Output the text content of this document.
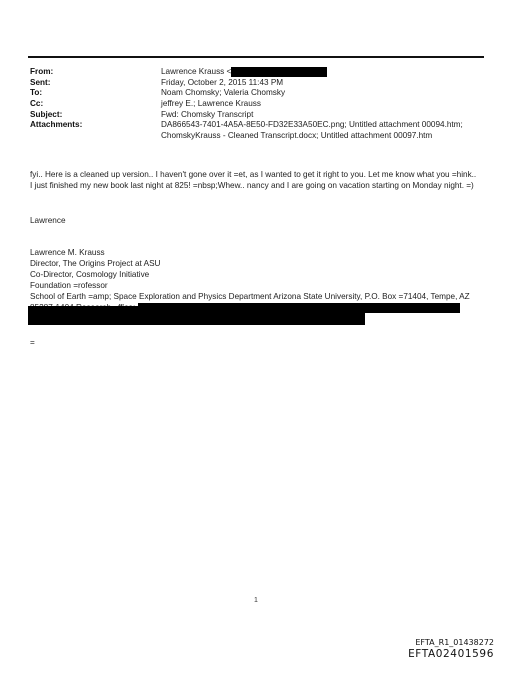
From:	Lawrence Krauss <
Sent:	Friday, October 2, 2015 11:43 PM
To:	Noam Chomsky; Valeria Chomsky
Cc:	jeffrey E.; Lawrence Krauss
Subject:	Fwd: Chomsky Transcript
Attachments:	DA866543-7401-4A5A-8E50-FD32E33A50EC.png; Untitled attachment 00094.htm;
ChomskyKrauss - Cleaned Transcript.docx; Untitled attachment 00097.htm
fyi.. Here is a cleaned up version.. I haven't gone over it =et, as I wanted to get it right to you. Let me know what you =hink.. I just finished my new book last night at 825! =nbsp;Whew.. nancy and I are going on vacation starting on Monday night. =)
Lawrence
Lawrence M. Krauss
Director, The Origins Project at ASU
Co-Director, Cosmology Initiative
Foundation =rofessor
School of Earth =amp; Space Exploration and Physics Department Arizona State University, P.O. Box =71404, Tempe, AZ
=
1
EFTA_R1_01438272
EFTA02401596
